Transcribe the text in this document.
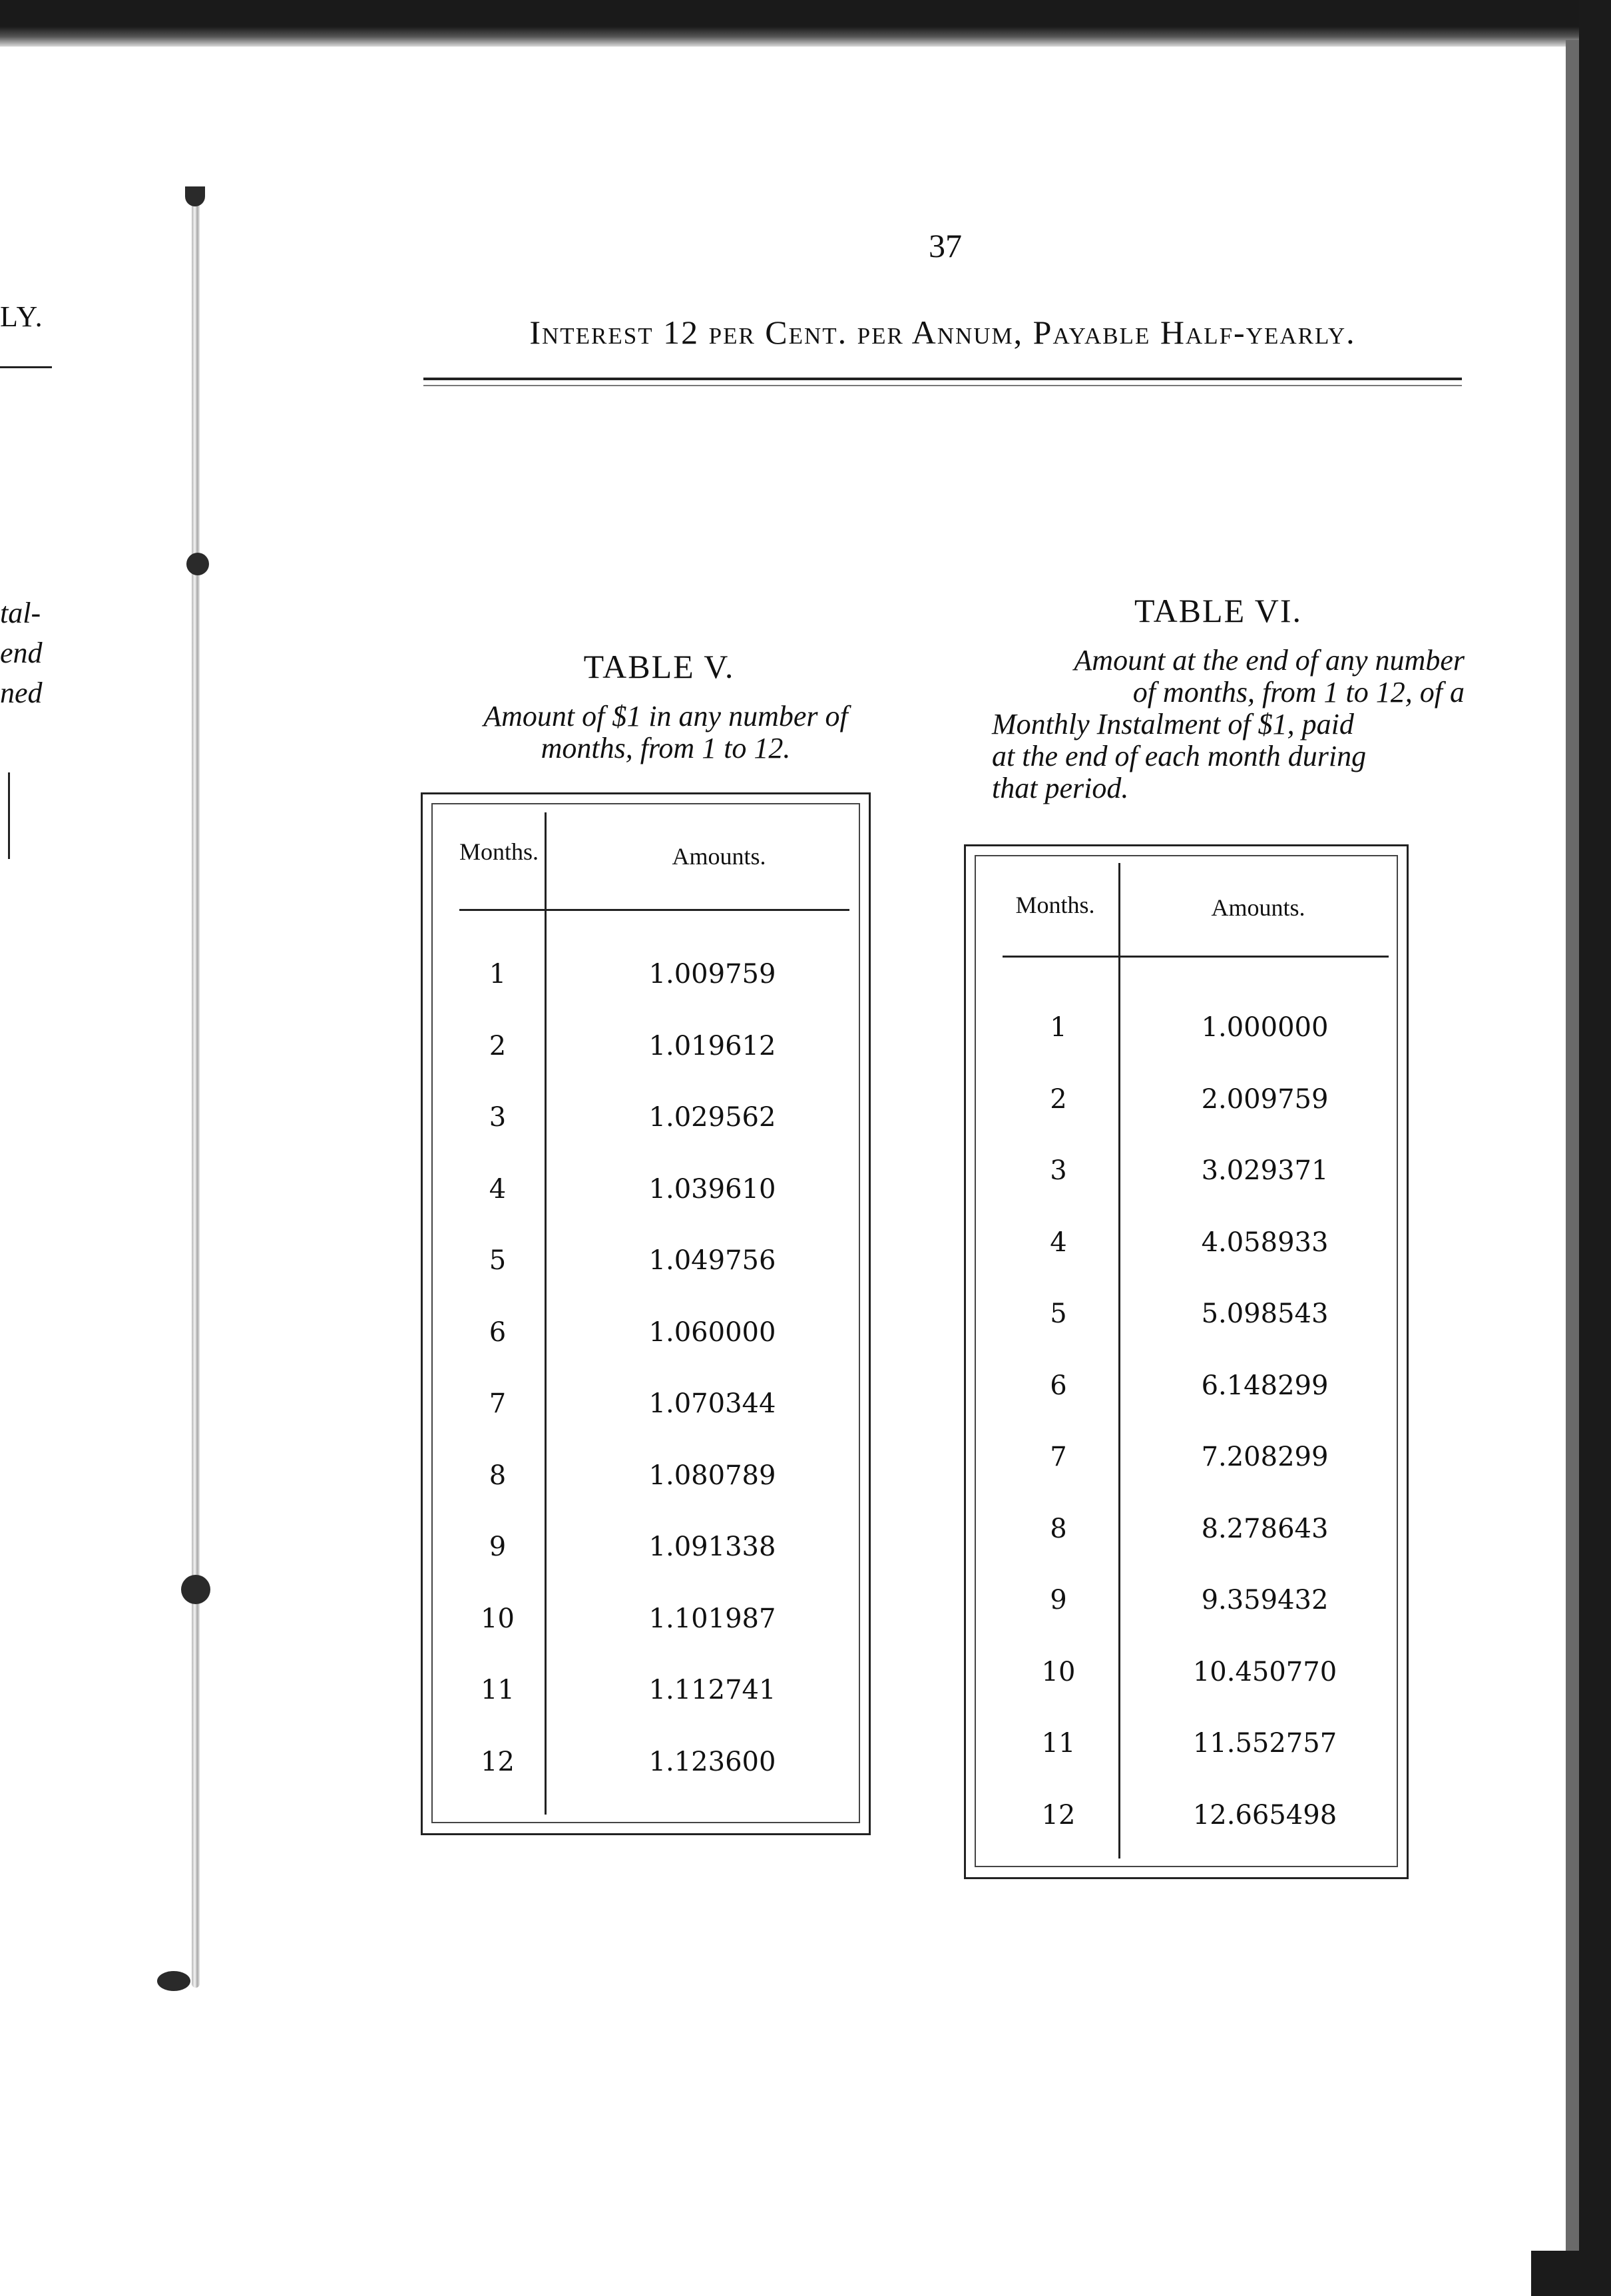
LY.
tal-
end
ned
37
Interest 12 per Cent. per Annum, Payable Half-yearly.
TABLE V.
Amount of $1 in any number of
months, from 1 to 12.
Months.	Amounts.
1	1.009759
2	1.019612
3	1.029562
4	1.039610
5	1.049756
6	1.060000
7	1.070344
8	1.080789
9	1.091338
10	1.101987
11	1.112741
12	1.123600
TABLE VI.
Amount at the end of any number
of months, from 1 to 12, of a
Monthly Instalment of $1, paid
at the end of each month during
that period.
Months.	Amounts.
1	1.000000
2	2.009759
3	3.029371
4	4.058933
5	5.098543
6	6.148299
7	7.208299
8	8.278643
9	9.359432
10	10.450770
11	11.552757
12	12.665498
